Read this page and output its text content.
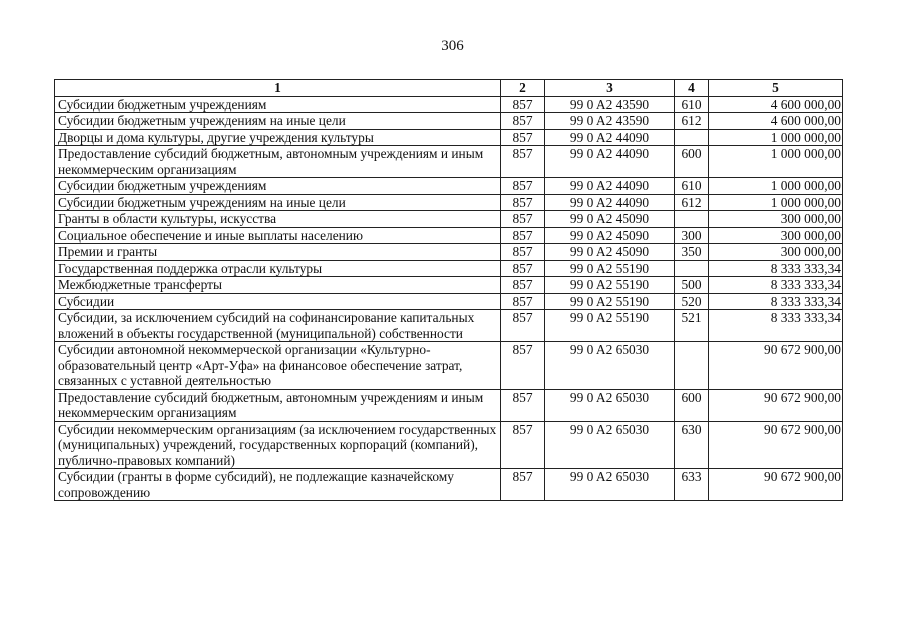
306
1	2	3	4	5
Субсидии бюджетным учреждениям	857	99 0 A2 43590	610	4 600 000,00
Субсидии бюджетным учреждениям на иные цели	857	99 0 A2 43590	612	4 600 000,00
Дворцы и дома культуры, другие учреждения культуры	857	99 0 A2 44090		1 000 000,00
Предоставление субсидий бюджетным, автономным учреждениям и иным некоммерческим организациям	857	99 0 A2 44090	600	1 000 000,00
Субсидии бюджетным учреждениям	857	99 0 A2 44090	610	1 000 000,00
Субсидии бюджетным учреждениям на иные цели	857	99 0 A2 44090	612	1 000 000,00
Гранты в области культуры, искусства	857	99 0 A2 45090		300 000,00
Социальное обеспечение и иные выплаты населению	857	99 0 A2 45090	300	300 000,00
Премии и гранты	857	99 0 A2 45090	350	300 000,00
Государственная поддержка отрасли культуры	857	99 0 A2 55190		8 333 333,34
Межбюджетные трансферты	857	99 0 A2 55190	500	8 333 333,34
Субсидии	857	99 0 A2 55190	520	8 333 333,34
Субсидии, за исключением субсидий на софинансирование капитальных вложений в объекты государственной (муниципальной) собственности	857	99 0 A2 55190	521	8 333 333,34
Субсидии автономной некоммерческой организации «Культурно-образовательный центр «Арт-Уфа» на финансовое обеспечение затрат, связанных с уставной деятельностью	857	99 0 A2 65030		90 672 900,00
Предоставление субсидий бюджетным, автономным учреждениям и иным некоммерческим организациям	857	99 0 A2 65030	600	90 672 900,00
Субсидии некоммерческим организациям (за исключением государственных (муниципальных) учреждений, государственных корпораций (компаний), публично-правовых компаний)	857	99 0 A2 65030	630	90 672 900,00
Субсидии (гранты в форме субсидий), не подлежащие казначейскому сопровождению	857	99 0 A2 65030	633	90 672 900,00
